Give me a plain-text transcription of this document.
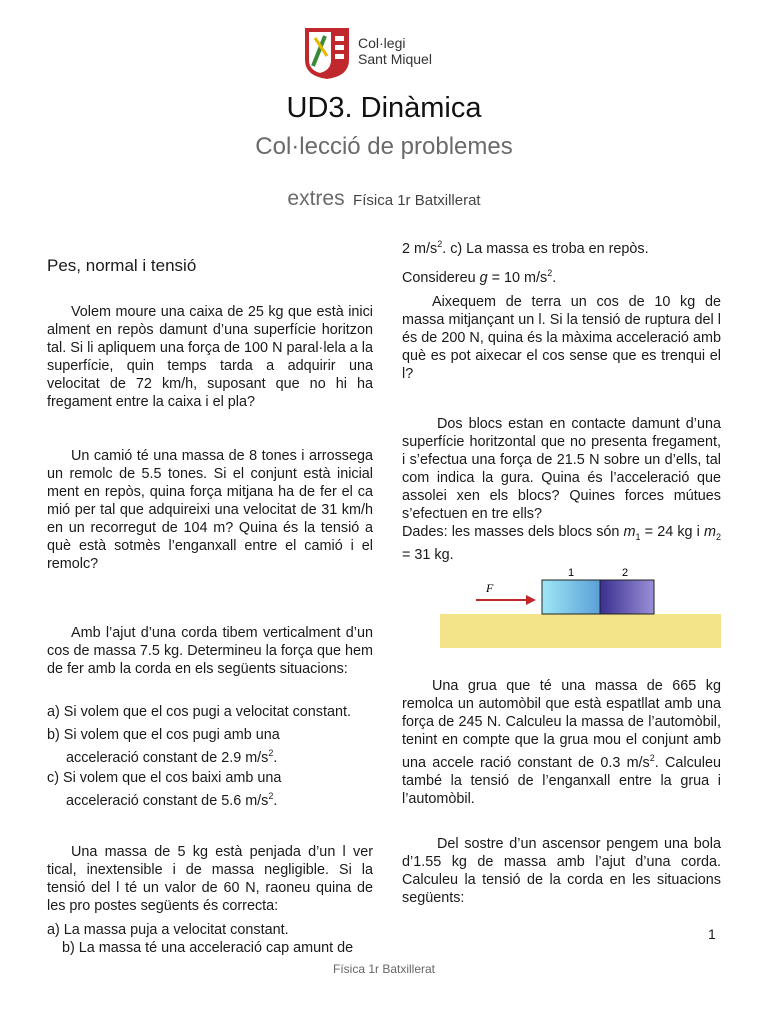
Col·legi
Sant Miquel
UD3. Dinàmica
Col·lecció de problemes
extres Física 1r Batxillerat
Pes, normal i tensió
Volem moure una caixa de 25 kg que està inici alment en repòs damunt d’una superfície horitzon tal. Si li apliquem una força de 100 N paral·lela a la superfície, quin temps tarda a adquirir una velocitat de 72 km/h, suposant que no hi ha fregament entre la caixa i el pla?
Un camió té una massa de 8 tones i arrossega un remolc de 5.5 tones. Si el conjunt està inicial ment en repòs, quina força mitjana ha de fer el ca mió per tal que adquireixi una velocitat de 31 km/h en un recorregut de 104 m? Quina és la tensió a què està sotmès l’enganxall entre el camió i el remolc?
Amb l’ajut d’una corda tibem verticalment d’un cos de massa 7.5 kg. Determineu la força que hem de fer amb la corda en els següents situacions:
a) Si volem que el cos pugi a velocitat constant.
b) Si volem que el cos pugi amb una
acceleració constant de 2.9 $m/s^2$.
c) Si volem que el cos baixi amb una
acceleració constant de 5.6 $m/s^2$.
Una massa de 5 kg està penjada d’un l ver tical, inextensible i de massa negligible. Si la tensió del l té un valor de 60 N, raoneu quina de les pro postes següents és correcta:
a) La massa puja a velocitat constant.
b) La massa té una acceleració cap amunt de
2 $m/s^2$. c) La massa es troba en repòs.
Considereu g = 10 $m/s^2$.
Aixequem de terra un cos de 10 kg de massa mitjançant un l. Si la tensió de ruptura del l és de 200 N, quina és la màxima acceleració amb què es pot aixecar el cos sense que es trenqui el l?
Dos blocs estan en contacte damunt d’una superfície horitzontal que no presenta fregament, i s’efectua una força de 21.5 N sobre un d’ells, tal com indica la gura. Quina és l’acceleració que assolei xen els blocs? Quines forces mútues s’efectuen en tre ells?
Dades: les masses dels blocs són $m_1 = 24$ kg i $m_2 = 31$ kg.
Una grua que té una massa de 665 kg remolca un automòbil que està espatllat amb una força de 245 N. Calculeu la massa de l’automòbil, tenint en compte que la grua mou el conjunt amb una accele ració constant de 0.3 $m/s^2$. Calculeu també la tensió de l’enganxall entre la grua i l’automòbil.
Del sostre d’un ascensor pengem una bola d’1.55 kg de massa amb l’ajut d’una corda. Calculeu la tensió de la corda en les situacions següents:
F
1	2
1
Física 1r Batxillerat
